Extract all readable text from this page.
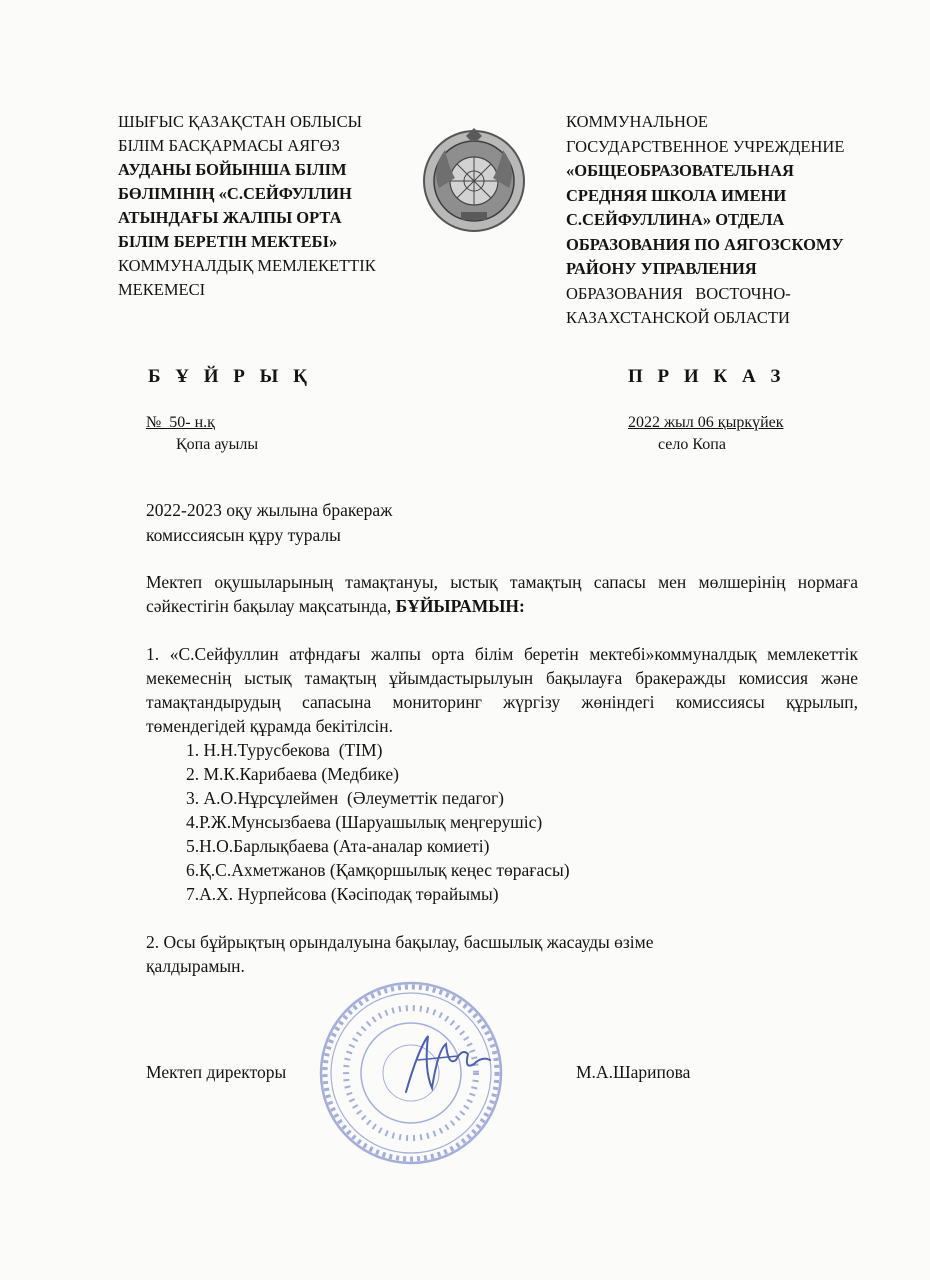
ШЫҒЫС ҚАЗАҚСТАН ОБЛЫСЫ
БІЛІМ БАСҚАРМАСЫ АЯГӨЗ
АУДАНЫ БОЙЫНША БІЛІМ
БӨЛІМІНІҢ «С.СЕЙФУЛЛИН
АТЫНДАҒЫ ЖАЛПЫ ОРТА
БІЛІМ БЕРЕТІН МЕКТЕБІ»
КОММУНАЛДЫҚ МЕМЛЕКЕТТІК
МЕКЕМЕСІ
КОММУНАЛЬНОЕ
ГОСУДАРСТВЕННОЕ УЧРЕЖДЕНИЕ
«ОБЩЕОБРАЗОВАТЕЛЬНАЯ
СРЕДНЯЯ ШКОЛА ИМЕНИ
С.СЕЙФУЛЛИНА» ОТДЕЛА
ОБРАЗОВАНИЯ ПО АЯГОЗСКОМУ
РАЙОНУ УПРАВЛЕНИЯ
ОБРАЗОВАНИЯ   ВОСТОЧНО-
КАЗАХСТАНСКОЙ ОБЛАСТИ
Б Ұ Й Р Ы Қ	П Р И К А З
№  50- н.қ
Қопа ауылы
2022 жыл 06 қыркүйек
село Копа
2022-2023 оқу жылына бракераж
комиссиясын құру туралы

Мектеп оқушыларының тамақтануы, ыстық тамақтың сапасы мен мөлшерінің нормаға сәйкестігін бақылау мақсатында, БҰЙЫРАМЫН:

1. «С.Сейфуллин атфндағы жалпы орта білім беретін мектебі»коммуналдық мемлекеттік мекемеснің ыстық тамақтың ұйымдастырылуын бақылауға бракеражды комиссия және тамақтандырудың сапасына мониторинг жүргізу жөніндегі комиссиясы құрылып, төмендегідей құрамда бекітілсін.

1. Н.Н.Турусбекова  (ТІМ)
2. М.К.Карибаева (Медбике)
3. А.О.Нұрсұлеймен  (Әлеуметтік педагог)
4.Р.Ж.Мунсызбаева (Шаруашылық меңгерушіс)
5.Н.О.Барлықбаева (Ата-аналар комиеті)
6.Қ.С.Ахметжанов (Қамқоршылық кеңес төрағасы)
7.А.Х. Нурпейсова (Кәсіподақ төрайымы)

2. Осы бұйрықтың орындалуына бақылау, басшылық жасауды өзіме

қалдырамын.

Мектеп директоры	М.А.Шарипова
